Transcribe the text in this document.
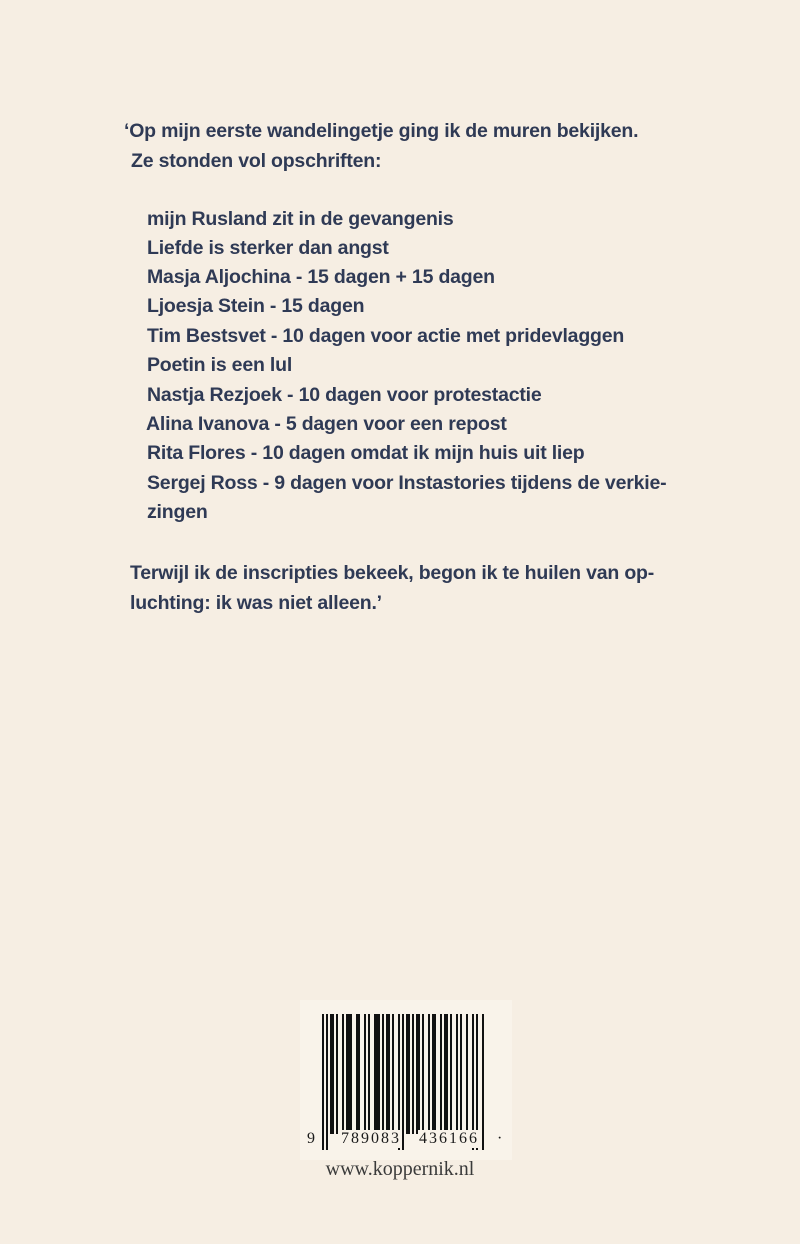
‘Op mijn eerste wandelingetje ging ik de muren bekijken.
Ze stonden vol opschriften:
mijn Rusland zit in de gevangenis
Liefde is sterker dan angst
Masja Aljochina - 15 dagen + 15 dagen
Ljoesja Stein - 15 dagen
Tim Bestsvet - 10 dagen voor actie met pridevlaggen
Poetin is een lul
Nastja Rezjoek - 10 dagen voor protestactie
Alina Ivanova - 5 dagen voor een repost
Rita Flores - 10 dagen omdat ik mijn huis uit liep
Sergej Ross - 9 dagen voor Instastories tijdens de verkie-
zingen
Terwijl ik de inscripties bekeek, begon ik te huilen van op-
luchting: ik was niet alleen.’
9 789083 436166 ·
www.koppernik.nl
